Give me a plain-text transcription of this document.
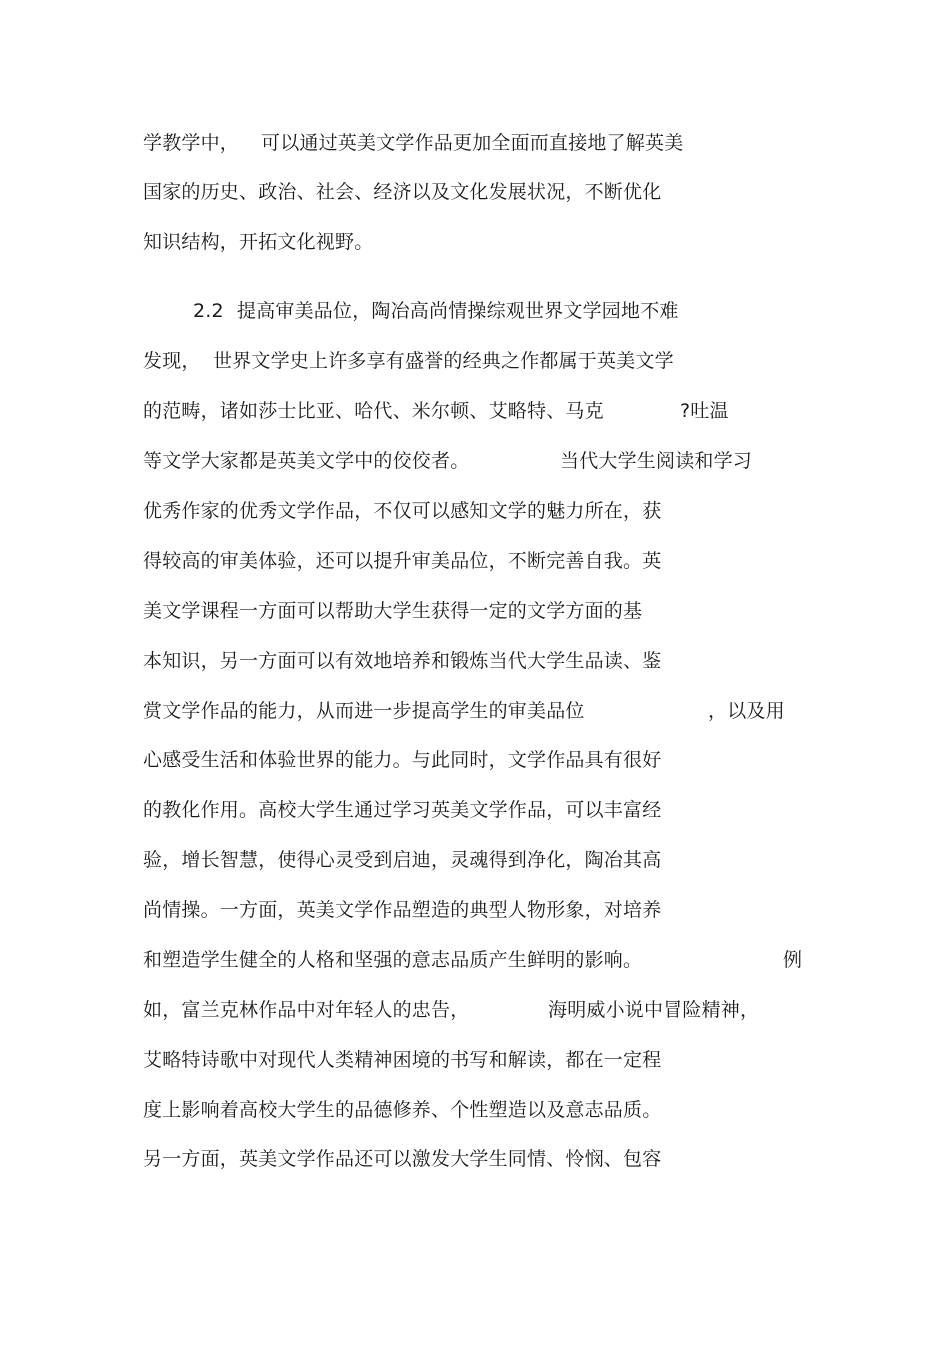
学教学中， 可以通过英美文学作品更加全面而直接地了解英美
国家的历史、政治、社会、经济以及文化发展状况，不断优化
知识结构，开拓文化视野。
2.2 提高审美品位，陶冶高尚情操综观世界文学园地不难
发现， 世界文学史上许多享有盛誉的经典之作都属于英美文学
的范畴，诸如莎士比亚、哈代、米尔顿、艾略特、马克	?吐温
等文学大家都是英美文学中的佼佼者。	当代大学生阅读和学习
优秀作家的优秀文学作品，不仅可以感知文学的魅力所在，获
得较高的审美体验，还可以提升审美品位，不断完善自我。英
美文学课程一方面可以帮助大学生获得一定的文学方面的基
本知识，另一方面可以有效地培养和锻炼当代大学生品读、鉴
赏文学作品的能力，从而进一步提高学生的审美品位	，以及用
心感受生活和体验世界的能力。与此同时，文学作品具有很好
的教化作用。高校大学生通过学习英美文学作品，可以丰富经
验，增长智慧，使得心灵受到启迪，灵魂得到净化，陶冶其高
尚情操。一方面，英美文学作品塑造的典型人物形象，对培养
和塑造学生健全的人格和坚强的意志品质产生鲜明的影响。	例
如，富兰克林作品中对年轻人的忠告，	海明威小说中冒险精神，
艾略特诗歌中对现代人类精神困境的书写和解读，都在一定程
度上影响着高校大学生的品德修养、个性塑造以及意志品质。
另一方面，英美文学作品还可以激发大学生同情、怜悯、包容
